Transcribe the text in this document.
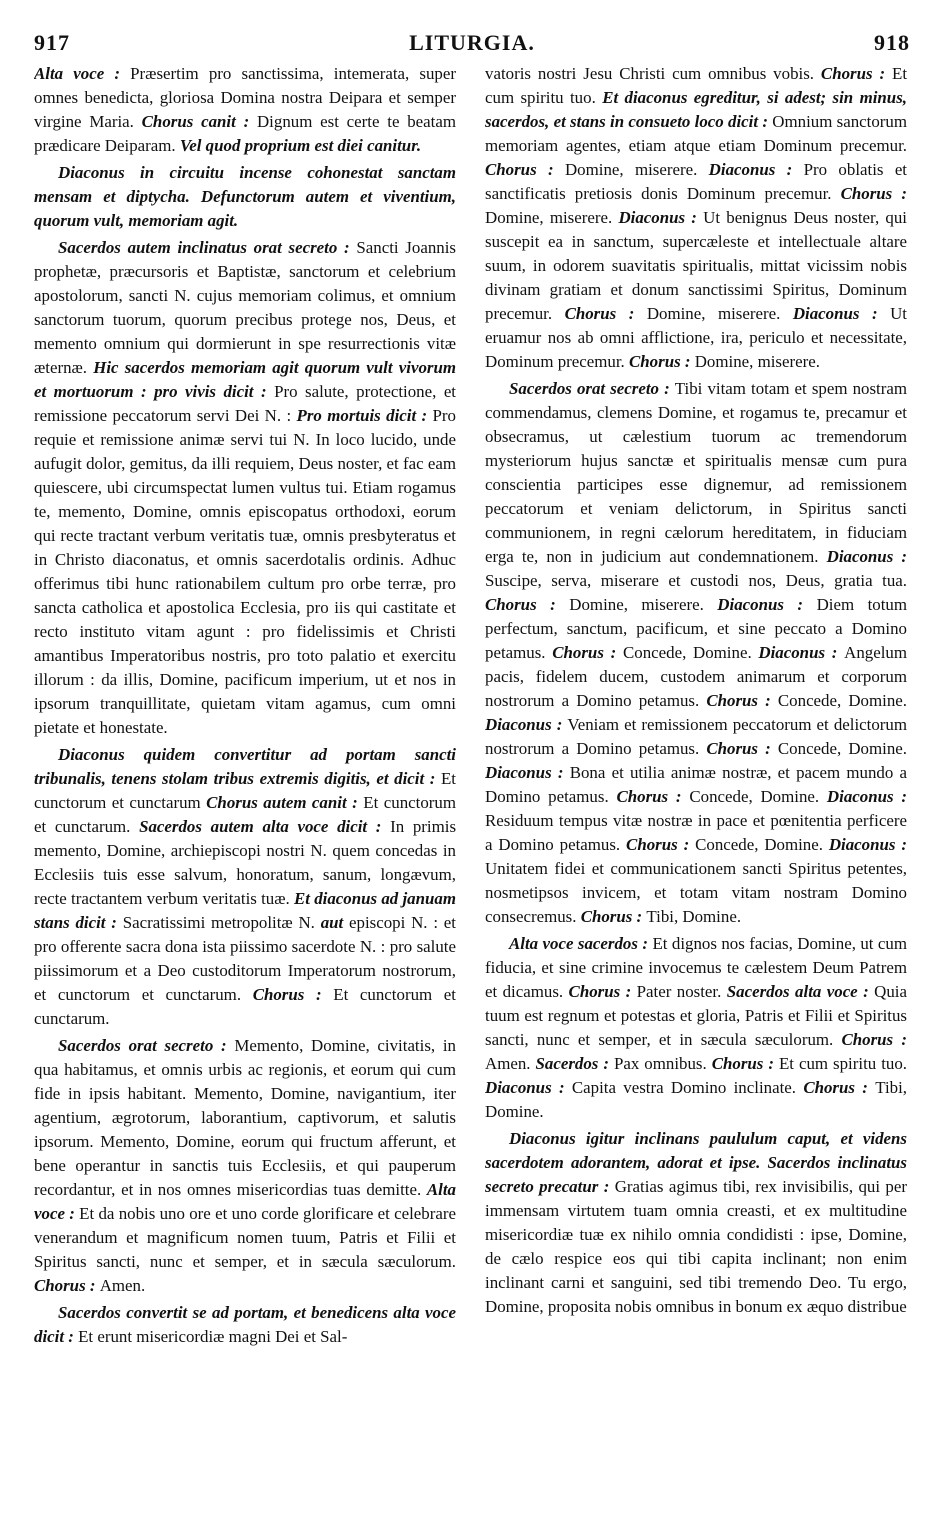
917	LITURGIA.	918

Alta voce : Præsertim pro sanctissima, intemerata, super omnes benedicta, gloriosa Domina nostra Deipara et semper virgine Maria. Chorus canit : Dignum est certe te beatam prædicare Deiparam. Vel quod proprium est diei canitur.

Diaconus in circuitu incense cohonestat sanctam mensam et diptycha. Defunctorum autem et viventium, quorum vult, memoriam agit.

Sacerdos autem inclinatus orat secreto : Sancti Joannis prophetæ, præcursoris et Baptistæ, sanctorum et celebrium apostolorum, sancti N. cujus memoriam colimus, et omnium sanctorum tuorum, quorum precibus protege nos, Deus, et memento omnium qui dormierunt in spe resurrectionis vitæ æternæ. Hic sacerdos memoriam agit quorum vult vivorum et mortuorum : pro vivis dicit : Pro salute, protectione, et remissione peccatorum servi Dei N. : Pro mortuis dicit : Pro requie et remissione animæ servi tui N. In loco lucido, unde aufugit dolor, gemitus, da illi requiem, Deus noster, et fac eam quiescere, ubi circumspectat lumen vultus tui. Etiam rogamus te, memento, Domine, omnis episcopatus orthodoxi, eorum qui recte tractant verbum veritatis tuæ, omnis presbyteratus et in Christo diaconatus, et omnis sacerdotalis ordinis. Adhuc offerimus tibi hunc rationabilem cultum pro orbe terræ, pro sancta catholica et apostolica Ecclesia, pro iis qui castitate et recto instituto vitam agunt : pro fidelissimis et Christi amantibus Imperatoribus nostris, pro toto palatio et exercitu illorum : da illis, Domine, pacificum imperium, ut et nos in ipsorum tranquillitate, quietam vitam agamus, cum omni pietate et honestate.

Diaconus quidem convertitur ad portam sancti tribunalis, tenens stolam tribus extremis digitis, et dicit : Et cunctorum et cunctarum Chorus autem canit : Et cunctorum et cunctarum. Sacerdos autem alta voce dicit : In primis memento, Domine, archiepiscopi nostri N. quem concedas in Ecclesiis tuis esse salvum, honoratum, sanum, longævum, recte tractantem verbum veritatis tuæ. Et diaconus ad januam stans dicit : Sacratissimi metropolitæ N. aut episcopi N. : et pro offerente sacra dona ista piissimo sacerdote N. : pro salute piissimorum et a Deo custoditorum Imperatorum nostrorum, et cunctorum et cunctarum. Chorus : Et cunctorum et cunctarum.

Sacerdos orat secreto : Memento, Domine, civitatis, in qua habitamus, et omnis urbis ac regionis, et eorum qui cum fide in ipsis habitant. Memento, Domine, navigantium, iter agentium, ægrotorum, laborantium, captivorum, et salutis ipsorum. Memento, Domine, eorum qui fructum afferunt, et bene operantur in sanctis tuis Ecclesiis, et qui pauperum recordantur, et in nos omnes misericordias tuas demitte. Alta voce : Et da nobis uno ore et uno corde glorificare et celebrare venerandum et magnificum nomen tuum, Patris et Filii et Spiritus sancti, nunc et semper, et in sæcula sæculorum. Chorus : Amen.

Sacerdos convertit se ad portam, et benedicens alta voce dicit : Et erunt misericordiæ magni Dei et Sal-

vatoris nostri Jesu Christi cum omnibus vobis. Chorus : Et cum spiritu tuo. Et diaconus egreditur, si adest; sin minus, sacerdos, et stans in consueto loco dicit : Omnium sanctorum memoriam agentes, etiam atque etiam Dominum precemur. Chorus : Domine, miserere. Diaconus : Pro oblatis et sanctificatis pretiosis donis Dominum precemur. Chorus : Domine, miserere. Diaconus : Ut benignus Deus noster, qui suscepit ea in sanctum, supercæleste et intellectuale altare suum, in odorem suavitatis spiritualis, mittat vicissim nobis divinam gratiam et donum sanctissimi Spiritus, Dominum precemur. Chorus : Domine, miserere. Diaconus : Ut eruamur nos ab omni afflictione, ira, periculo et necessitate, Dominum precemur. Chorus : Domine, miserere.

Sacerdos orat secreto : Tibi vitam totam et spem nostram commendamus, clemens Domine, et rogamus te, precamur et obsecramus, ut cælestium tuorum ac tremendorum mysteriorum hujus sanctæ et spiritualis mensæ cum pura conscientia participes esse dignemur, ad remissionem peccatorum et veniam delictorum, in Spiritus sancti communionem, in regni cælorum hereditatem, in fiduciam erga te, non in judicium aut condemnationem. Diaconus : Suscipe, serva, miserare et custodi nos, Deus, gratia tua. Chorus : Domine, miserere. Diaconus : Diem totum perfectum, sanctum, pacificum, et sine peccato a Domino petamus. Chorus : Concede, Domine. Diaconus : Angelum pacis, fidelem ducem, custodem animarum et corporum nostrorum a Domino petamus. Chorus : Concede, Domine. Diaconus : Veniam et remissionem peccatorum et delictorum nostrorum a Domino petamus. Chorus : Concede, Domine. Diaconus : Bona et utilia animæ nostræ, et pacem mundo a Domino petamus. Chorus : Concede, Domine. Diaconus : Residuum tempus vitæ nostræ in pace et pœnitentia perficere a Domino petamus. Chorus : Concede, Domine. Diaconus : Unitatem fidei et communicationem sancti Spiritus petentes, nosmetipsos invicem, et totam vitam nostram Domino consecremus. Chorus : Tibi, Domine.

Alta voce sacerdos : Et dignos nos facias, Domine, ut cum fiducia, et sine crimine invocemus te cælestem Deum Patrem et dicamus. Chorus : Pater noster. Sacerdos alta voce : Quia tuum est regnum et potestas et gloria, Patris et Filii et Spiritus sancti, nunc et semper, et in sæcula sæculorum. Chorus : Amen. Sacerdos : Pax omnibus. Chorus : Et cum spiritu tuo. Diaconus : Capita vestra Domino inclinate. Chorus : Tibi, Domine.

Diaconus igitur inclinans paululum caput, et videns sacerdotem adorantem, adorat et ipse. Sacerdos inclinatus secreto precatur : Gratias agimus tibi, rex invisibilis, qui per immensam virtutem tuam omnia creasti, et ex multitudine misericordiæ tuæ ex nihilo omnia condidisti : ipse, Domine, de cælo respice eos qui tibi capita inclinant; non enim inclinant carni et sanguini, sed tibi tremendo Deo. Tu ergo, Domine, proposita nobis omnibus in bonum ex æquo distribue
